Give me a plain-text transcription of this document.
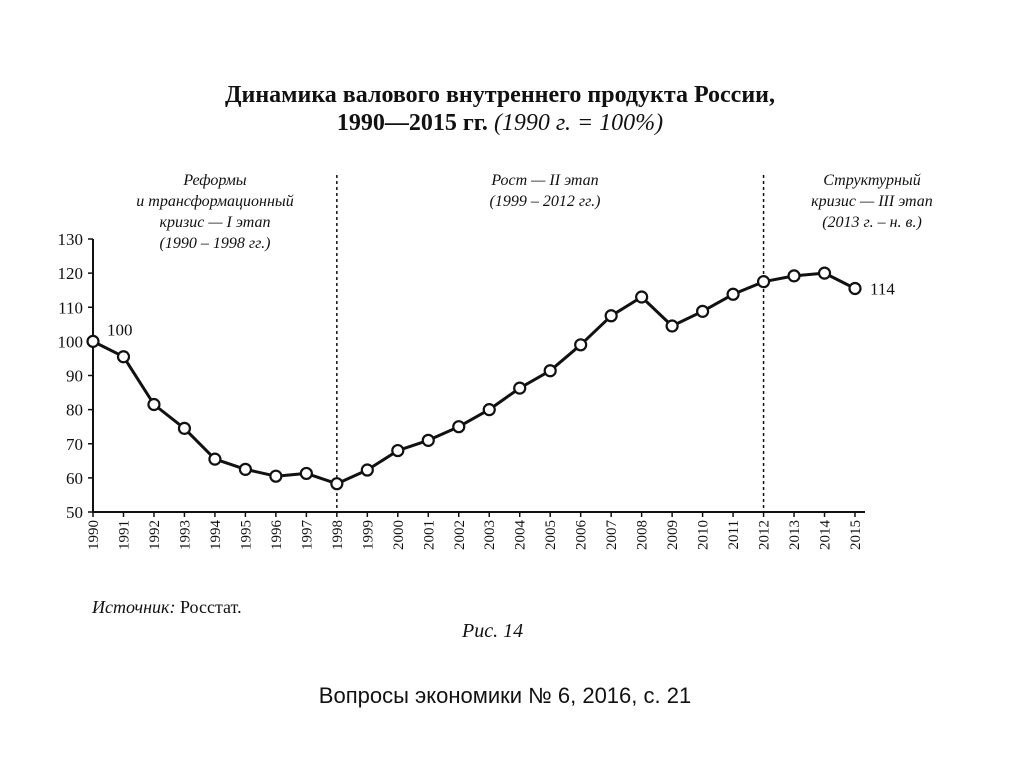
Динамика валового внутреннего продукта России,
1990—2015 гг. (1990 г. = 100%)
Реформы
и трансформационный
кризис — I этап
(1990 – 1998 гг.)
Рост — II этап
(1999 – 2012 гг.)
Структурный
кризис — III этап
(2013 г. – н. в.)
50
60
70
80
90
100
110
120
130
1990 1991 1992 1993 1994 1995 1996 1997 1998 1999 2000 2001 2002 2003 2004 2005 2006 2007 2008 2009 2010 2011 2012 2013 2014 2015
100
114
Источник: Росстат.
Рис. 14
Вопросы экономики № 6, 2016, с. 21
